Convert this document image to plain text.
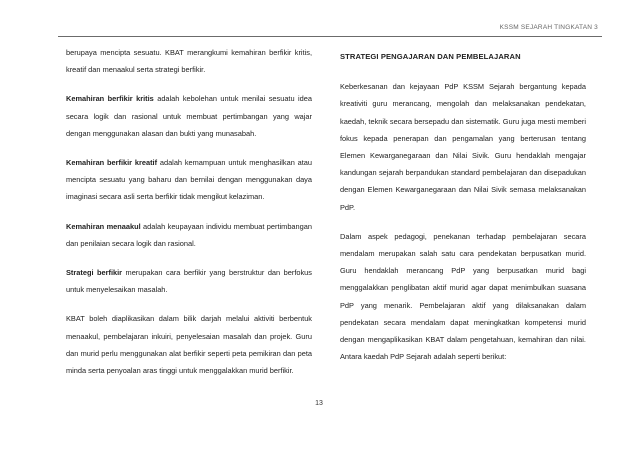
KSSM SEJARAH TINGKATAN 3

berupaya mencipta sesuatu. KBAT merangkumi kemahiran berfikir kritis, kreatif dan menaakul serta strategi berfikir.

Kemahiran berfikir kritis adalah kebolehan untuk menilai sesuatu idea secara logik dan rasional untuk membuat pertimbangan yang wajar dengan menggunakan alasan dan bukti yang munasabah.

Kemahiran berfikir kreatif adalah kemampuan untuk menghasilkan atau mencipta sesuatu yang baharu dan bernilai dengan menggunakan daya imaginasi secara asli serta berfikir tidak mengikut kelaziman.

Kemahiran menaakul adalah keupayaan individu membuat pertimbangan dan penilaian secara logik dan rasional.

Strategi berfikir merupakan cara berfikir yang berstruktur dan berfokus untuk menyelesaikan masalah.

KBAT boleh diaplikasikan dalam bilik darjah melalui aktiviti berbentuk menaakul, pembelajaran inkuiri, penyelesaian masalah dan projek. Guru dan murid perlu menggunakan alat berfikir seperti peta pemikiran dan peta minda serta penyoalan aras tinggi untuk menggalakkan murid berfikir.

STRATEGI PENGAJARAN DAN PEMBELAJARAN

Keberkesanan dan kejayaan PdP KSSM Sejarah bergantung kepada kreativiti guru merancang, mengolah dan melaksanakan pendekatan, kaedah, teknik secara bersepadu dan sistematik. Guru juga mesti memberi fokus kepada penerapan dan pengamalan yang berterusan tentang Elemen Kewarganegaraan dan Nilai Sivik. Guru hendaklah mengajar kandungan sejarah berpandukan standard pembelajaran dan disepadukan dengan Elemen Kewarganegaraan dan Nilai Sivik semasa melaksanakan PdP.

Dalam aspek pedagogi, penekanan terhadap pembelajaran secara mendalam merupakan salah satu cara pendekatan berpusatkan murid. Guru hendaklah merancang PdP yang berpusatkan murid bagi menggalakkan penglibatan aktif murid agar dapat menimbulkan suasana PdP yang menarik. Pembelajaran aktif yang dilaksanakan dalam pendekatan secara mendalam dapat meningkatkan kompetensi murid dengan mengaplikasikan KBAT dalam pengetahuan, kemahiran dan nilai. Antara kaedah PdP Sejarah adalah seperti berikut:

13
